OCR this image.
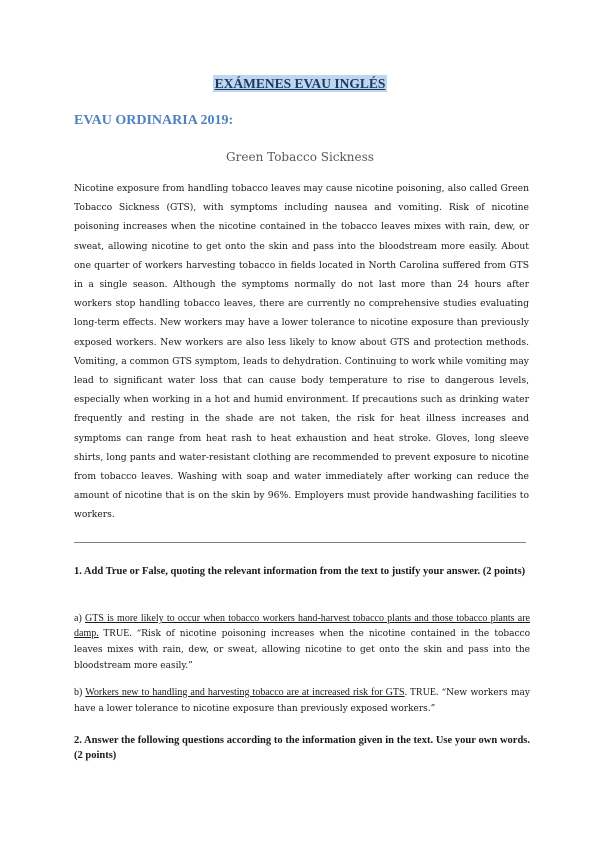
EXÁMENES EVAU INGLÉS
EVAU ORDINARIA 2019:
Green Tobacco Sickness
Nicotine exposure from handling tobacco leaves may cause nicotine poisoning, also called Green Tobacco Sickness (GTS), with symptoms including nausea and vomiting. Risk of nicotine poisoning increases when the nicotine contained in the tobacco leaves mixes with rain, dew, or sweat, allowing nicotine to get onto the skin and pass into the bloodstream more easily. About one quarter of workers harvesting tobacco in fields located in North Carolina suffered from GTS in a single season. Although the symptoms normally do not last more than 24 hours after workers stop handling tobacco leaves, there are currently no comprehensive studies evaluating long-term effects. New workers may have a lower tolerance to nicotine exposure than previously exposed workers. New workers are also less likely to know about GTS and protection methods. Vomiting, a common GTS symptom, leads to dehydration. Continuing to work while vomiting may lead to significant water loss that can cause body temperature to rise to dangerous levels, especially when working in a hot and humid environment. If precautions such as drinking water frequently and resting in the shade are not taken, the risk for heat illness increases and symptoms can range from heat rash to heat exhaustion and heat stroke. Gloves, long sleeve shirts, long pants and water-resistant clothing are recommended to prevent exposure to nicotine from tobacco leaves. Washing with soap and water immediately after working can reduce the amount of nicotine that is on the skin by 96%. Employers must provide handwashing facilities to workers.
1. Add True or False, quoting the relevant information from the text to justify your answer. (2 points)
a) GTS is more likely to occur when tobacco workers hand-harvest tobacco plants and those tobacco plants are damp. TRUE. “Risk of nicotine poisoning increases when the nicotine contained in the tobacco leaves mixes with rain, dew, or sweat, allowing nicotine to get onto the skin and pass into the bloodstream more easily.”
b) Workers new to handling and harvesting tobacco are at increased risk for GTS. TRUE. “New workers may have a lower tolerance to nicotine exposure than previously exposed workers.”
2. Answer the following questions according to the information given in the text. Use your own words. (2 points)
